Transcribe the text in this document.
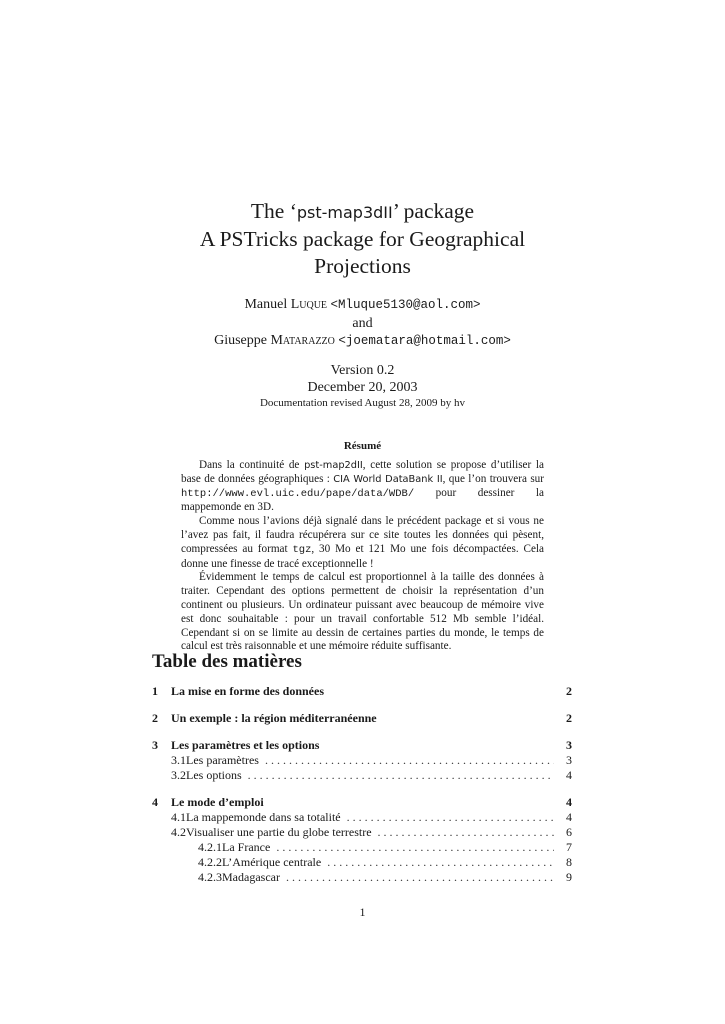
The ‘pst-map3dII’ package
A PSTricks package for Geographical
Projections
Manuel Luque <Mluque5130@aol.com>
and
Giuseppe Matarazzo <joematara@hotmail.com>
Version 0.2
December 20, 2003
Documentation revised August 28, 2009 by hv
Résumé

Dans la continuité de pst-map2dII, cette solution se propose d’utiliser la base de données géographiques : CIA World DataBank II, que l’on trouvera sur http://www.evl.uic.edu/pape/data/WDB/ pour dessiner la mappemonde en 3D.

Comme nous l’avions déjà signalé dans le précédent package et si vous ne l’avez pas fait, il faudra récupérera sur ce site toutes les données qui pèsent, compressées au format tgz, 30 Mo et 121 Mo une fois décompactées. Cela donne une finesse de tracé exceptionnelle !

Évidemment le temps de calcul est proportionnel à la taille des données à traiter. Cependant des options permettent de choisir la représentation d’un continent ou plusieurs. Un ordinateur puissant avec beaucoup de mémoire vive est donc souhaitable : pour un travail confortable 512 Mb semble l’idéal. Cependant si on se limite au dessin de certaines parties du monde, le temps de calcul est très raisonnable et une mémoire réduite suffisante.

Table des matières
1	La mise en forme des données	2
2	Un exemple : la région méditerranéenne	2
3	Les paramètres et les options	3
3.1 Les paramètres . . .	3
3.2 Les options . . .	4
4	Le mode d’emploi	4
4.1 La mappemonde dans sa totalité . . .	4
4.2 Visualiser une partie du globe terrestre . . .	6
4.2.1 La France . . .	7
4.2.2 L’Amérique centrale . . .	8
4.2.3 Madagascar . . .	9
1
